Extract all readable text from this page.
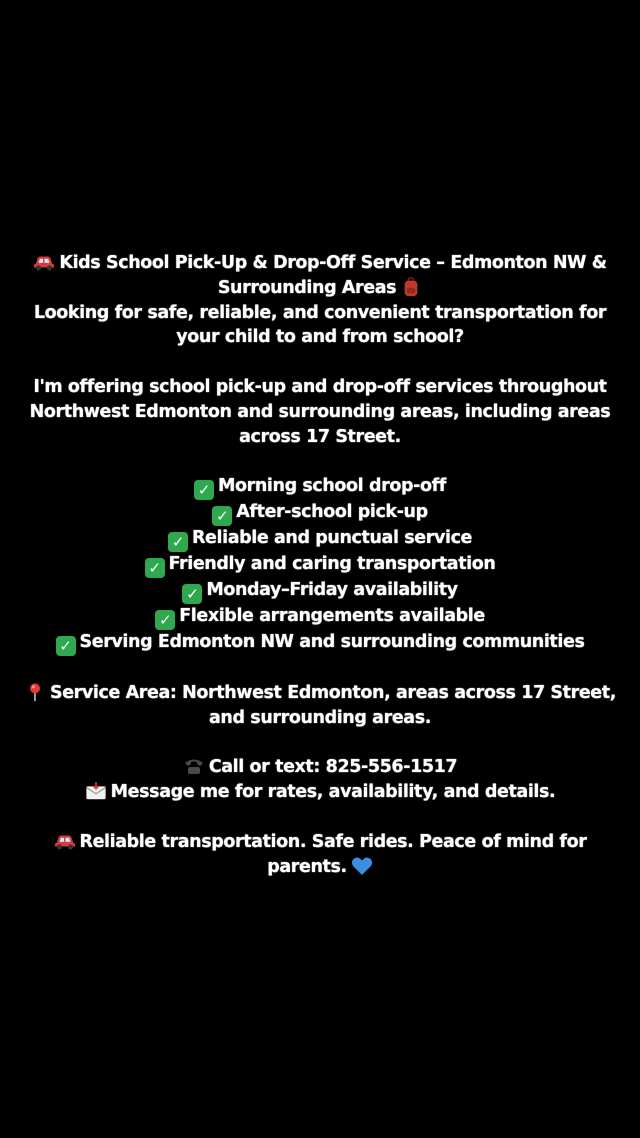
Kids School Pick-Up & Drop-Off Service – Edmonton NW &
Surrounding Areas
Looking for safe, reliable, and convenient transportation for your child to and from school?
I'm offering school pick-up and drop-off services throughout Northwest Edmonton and surrounding areas, including areas across 17 Street.
✓ Morning school drop-off
✓ After-school pick-up
✓ Reliable and punctual service
✓ Friendly and caring transportation
✓ Monday–Friday availability
✓ Flexible arrangements available
✓ Serving Edmonton NW and surrounding communities
Service Area: Northwest Edmonton, areas across 17 Street, and surrounding areas.
Call or text: 825-556-1517
Message me for rates, availability, and details.
Reliable transportation. Safe rides. Peace of mind for parents.
